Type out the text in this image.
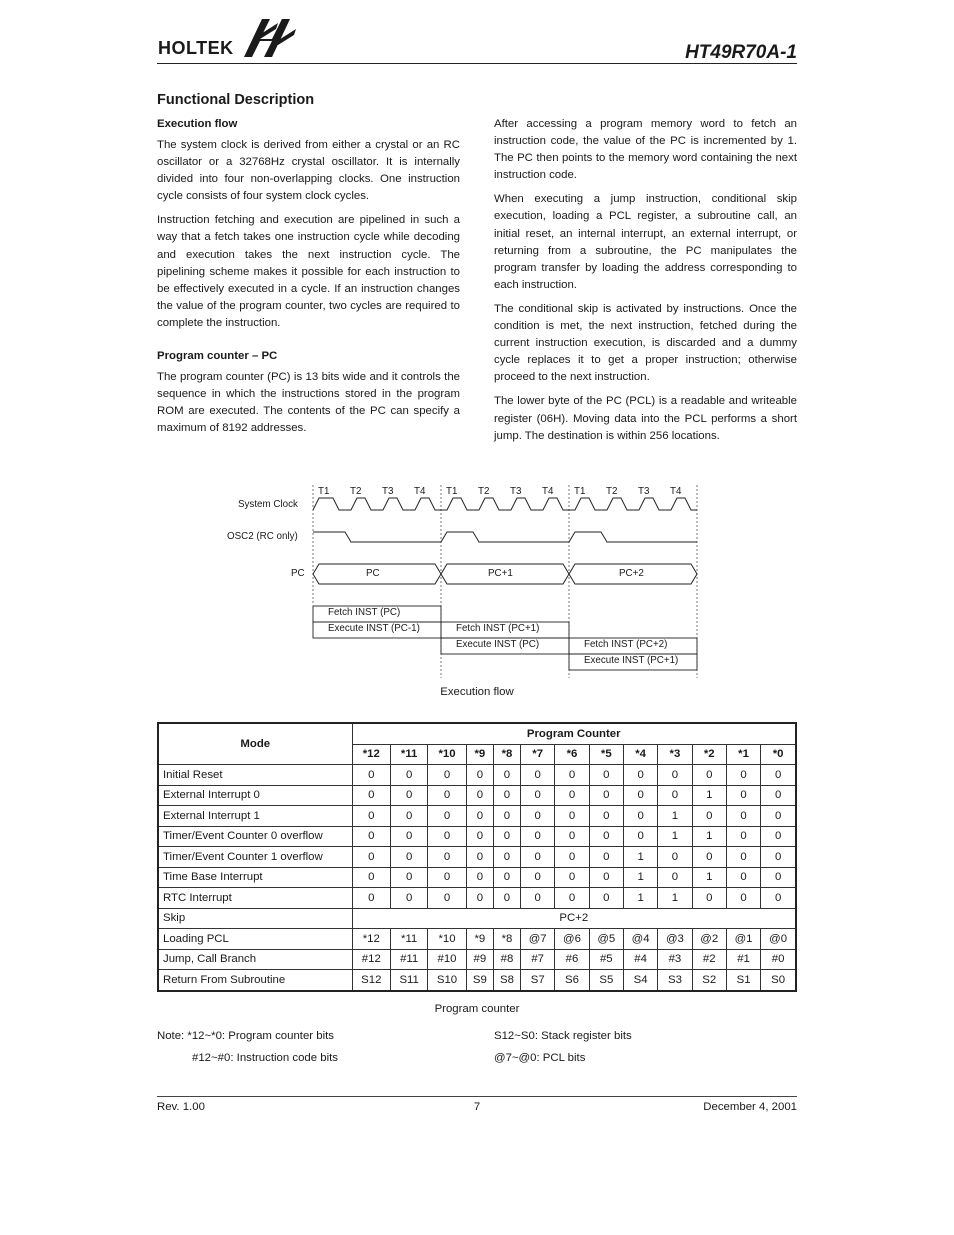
HOLTEK	HT49R70A-1
Functional Description
Execution flow

The system clock is derived from either a crystal or an RC oscillator or a 32768Hz crystal oscillator. It is internally divided into four non-overlapping clocks. One instruction cycle consists of four system clock cycles.

Instruction fetching and execution are pipelined in such a way that a fetch takes one instruction cycle while decoding and execution takes the next instruction cycle. The pipelining scheme makes it possible for each instruction to be effectively executed in a cycle. If an instruction changes the value of the program counter, two cycles are required to complete the instruction.

Program counter – PC

The program counter (PC) is 13 bits wide and it controls the sequence in which the instructions stored in the program ROM are executed. The contents of the PC can specify a maximum of 8192 addresses.

After accessing a program memory word to fetch an instruction code, the value of the PC is incremented by 1. The PC then points to the memory word containing the next instruction code.

When executing a jump instruction, conditional skip execution, loading a PCL register, a subroutine call, an initial reset, an internal interrupt, an external interrupt, or returning from a subroutine, the PC manipulates the program transfer by loading the address corresponding to each instruction.

The conditional skip is activated by instructions. Once the condition is met, the next instruction, fetched during the current instruction execution, is discarded and a dummy cycle replaces it to get a proper instruction; otherwise proceed to the next instruction.

The lower byte of the PC (PCL) is a readable and writeable register (06H). Moving data into the PCL performs a short jump. The destination is within 256 locations.

System Clock
OSC2 (RC only)
PC
T1 T2 T3 T4 T1 T2 T3 T4 T1 T2 T3 T4
PC	PC+1	PC+2
Fetch INST (PC)
Execute INST (PC-1)	Fetch INST (PC+1)
Execute INST (PC)	Fetch INST (PC+2)
Execute INST (PC+1)
Execution flow
Mode	Program Counter												
	*12	*11	*10	*9	*8	*7	*6	*5	*4	*3	*2	*1	*0
Initial Reset	0	0	0	0	0	0	0	0	0	0	0	0	0
External Interrupt 0	0	0	0	0	0	0	0	0	0	0	1	0	0
External Interrupt 1	0	0	0	0	0	0	0	0	0	1	0	0	0
Timer/Event Counter 0 overflow	0	0	0	0	0	0	0	0	0	1	1	0	0
Timer/Event Counter 1 overflow	0	0	0	0	0	0	0	0	1	0	0	0	0
Time Base Interrupt	0	0	0	0	0	0	0	0	1	0	1	0	0
RTC Interrupt	0	0	0	0	0	0	0	0	1	1	0	0	0
Skip	PC+2												
Loading PCL	*12	*11	*10	*9	*8	@7	@6	@5	@4	@3	@2	@1	@0
Jump, Call Branch	#12	#11	#10	#9	#8	#7	#6	#5	#4	#3	#2	#1	#0
Return From Subroutine	S12	S11	S10	S9	S8	S7	S6	S5	S4	S3	S2	S1	S0
Program counter
Note: *12~*0: Program counter bits
#12~#0: Instruction code bits
S12~S0: Stack register bits
@7~@0: PCL bits
Rev. 1.00	7	December 4, 2001
